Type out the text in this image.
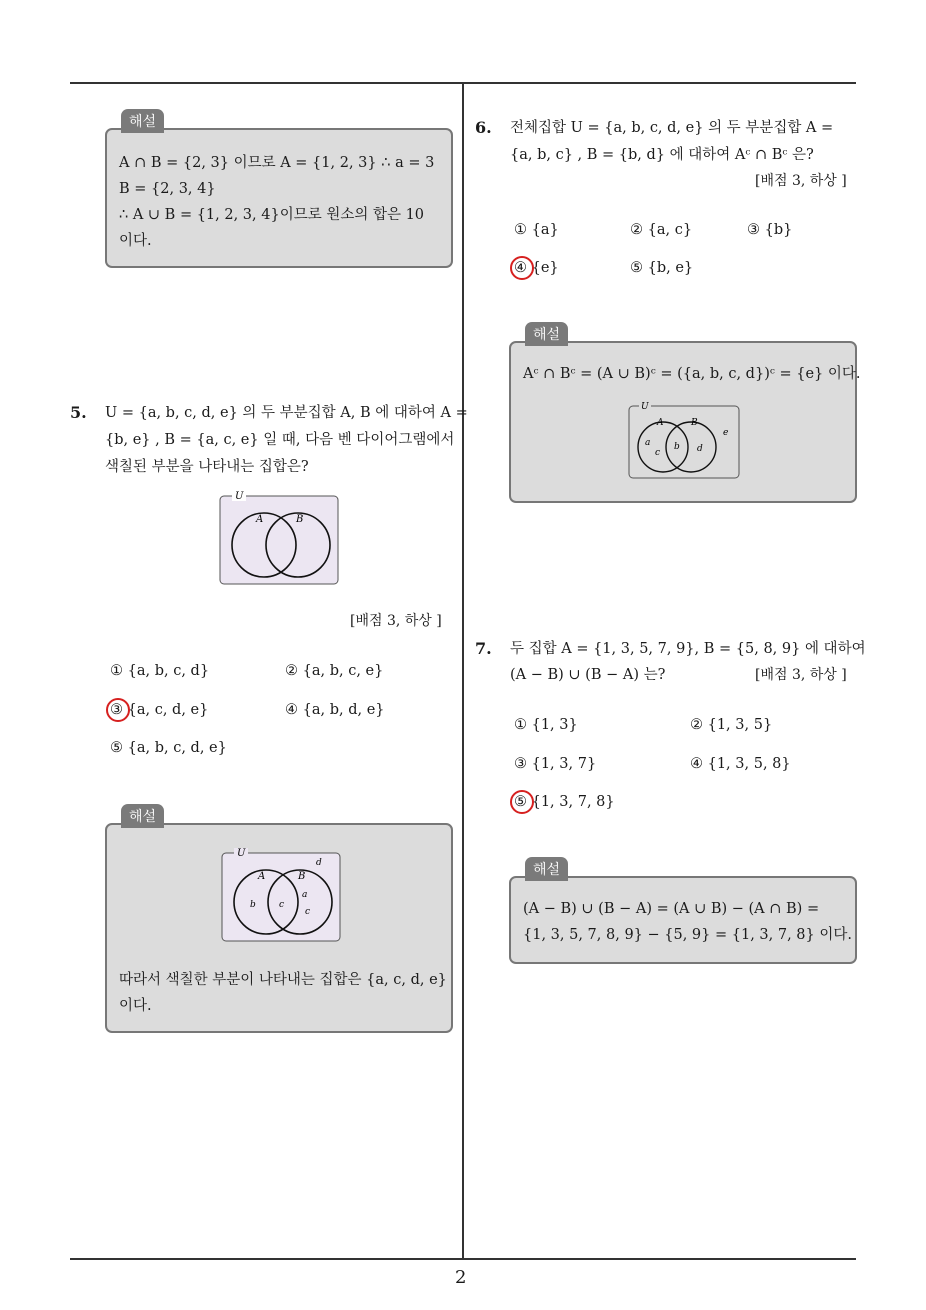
2
해설
A ∩ B = {2, 3} 이므로 A = {1, 2, 3} ∴ a = 3
B = {2, 3, 4}
∴ A ∪ B = {1, 2, 3, 4}이므로 원소의 합은 10
이다.
5. U = {a, b, c, d, e} 의 두 부분집합 A, B 에 대하여 A =
{b, e} , B = {a, c, e} 일 때, 다음 벤 다이어그램에서
색칠된 부분을 나타내는 집합은?
U
A	B
[배점 3, 하상 ]
① {a, b, c, d}	② {a, b, c, e}
③ {a, c, d, e}	④ {a, b, d, e}
⑤ {a, b, c, d, e}
해설
U
A	B
b	c
a
c
d
따라서 색칠한 부분이 나타내는 집합은 {a, c, d, e}
이다.
6. 전체집합 U = {a, b, c, d, e} 의 두 부분집합 A =
{a, b, c} , B = {b, d} 에 대하여 Aᶜ ∩ Bᶜ 은?
[배점 3, 하상 ]
① {a}	② {a, c}	③ {b}
④ {e}	⑤ {b, e}
해설
Aᶜ ∩ Bᶜ = (A ∪ B)ᶜ = ({a, b, c, d})ᶜ = {e} 이다.
U
A	B
a
c
b d
e
7. 두 집합 A = {1, 3, 5, 7, 9}, B = {5, 8, 9} 에 대하여
(A − B) ∪ (B − A) 는?	[배점 3, 하상 ]
① {1, 3}	② {1, 3, 5}
③ {1, 3, 7}	④ {1, 3, 5, 8}
⑤ {1, 3, 7, 8}
해설
(A − B) ∪ (B − A) = (A ∪ B) − (A ∩ B) =
{1, 3, 5, 7, 8, 9} − {5, 9} = {1, 3, 7, 8} 이다.
